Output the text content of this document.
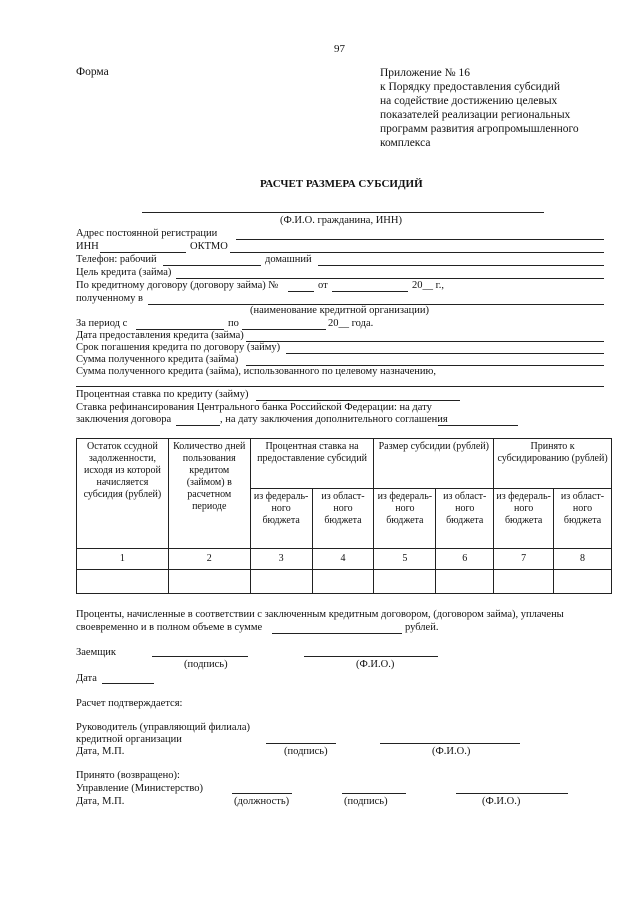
97
Форма	Приложение № 16
к Порядку предоставления субсидий
на содействие достижению целевых
показателей реализации региональных
программ развития агропромышленного
комплекса
РАСЧЕТ РАЗМЕРА СУБСИДИЙ
(Ф.И.О. гражданина, ИНН)
Адрес постоянной регистрации
ИНН	ОКТМО
Телефон: рабочий	домашний
Цель кредита (займа)
По кредитному договору (договору займа) №	от	20__ г.,
полученному в
(наименование кредитной организации)
За период с	по	20__ года.
Дата предоставления кредита (займа)
Срок погашения кредита по договору (займу)
Сумма полученного кредита (займа)
Сумма полученного кредита (займа), использованного по целевому назначению,
Процентная ставка по кредиту (займу)
Ставка рефинансирования Центрального банка Российской Федерации: на дату
заключения договора	, на дату заключения дополнительного соглашения
Остаток ссудной задолженности, исходя из которой начисляется субсидия (рублей)	Количество дней пользования кредитом (займом) в расчетном периоде	Процентная ставка на предоставление субсидий		Размер субсидии (рублей)		Принято к субсидированию (рублей)	
		из федераль-ного бюджета	из област-ного бюджета	из федераль-ного бюджета	из област-ного бюджета	из федераль-ного бюджета	из област-ного бюджета
1	2	3	4	5	6	7	8

Проценты, начисленные в соответствии с заключенным кредитным договором, (договором займа), уплачены
своевременно и в полном объеме в сумме	рублей.
Заемщик
(подпись)	(Ф.И.О.)
Дата
Расчет подтверждается:
Руководитель (управляющий филиала)
кредитной организации
Дата, М.П.	(подпись)	(Ф.И.О.)
Принято (возвращено):
Управление (Министерство)
Дата, М.П.	(должность)	(подпись)	(Ф.И.О.)
